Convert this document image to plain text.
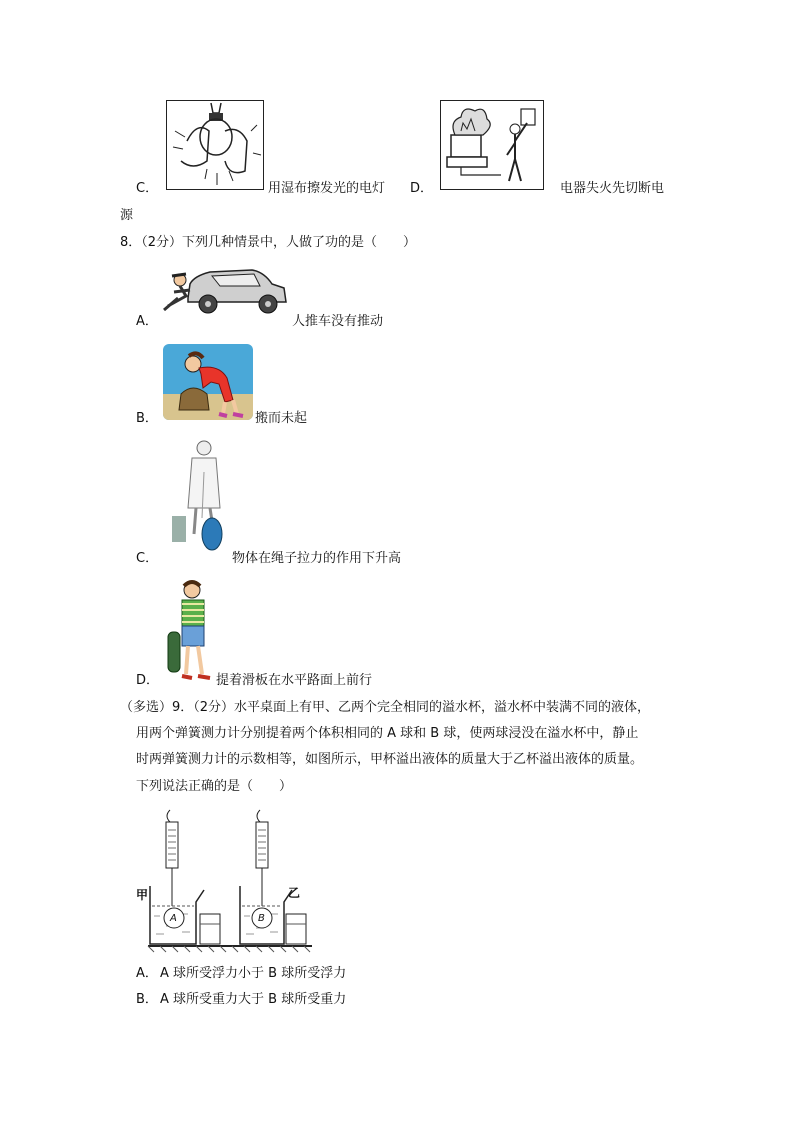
C．	用湿布擦发光的电灯 D．	电器失火先切断电
源
8．（2分）下列几种情景中，人做了功的是（　　）
A．	人推车没有推动
B．	搬而未起
C．	物体在绳子拉力的作用下升高
D．	提着滑板在水平路面上前行
（多选）9．（2分）水平桌面上有甲、乙两个完全相同的溢水杯，溢水杯中装满不同的液体，
用两个弹簧测力计分别提着两个体积相同的 A 球和 B 球，使两球浸没在溢水杯中，静止
时两弹簧测力计的示数相等，如图所示，甲杯溢出液体的质量大于乙杯溢出液体的质量。
下列说法正确的是（　　）
甲	乙
A	B
A． A 球所受浮力小于 B 球所受浮力
B． A 球所受重力大于 B 球所受重力
